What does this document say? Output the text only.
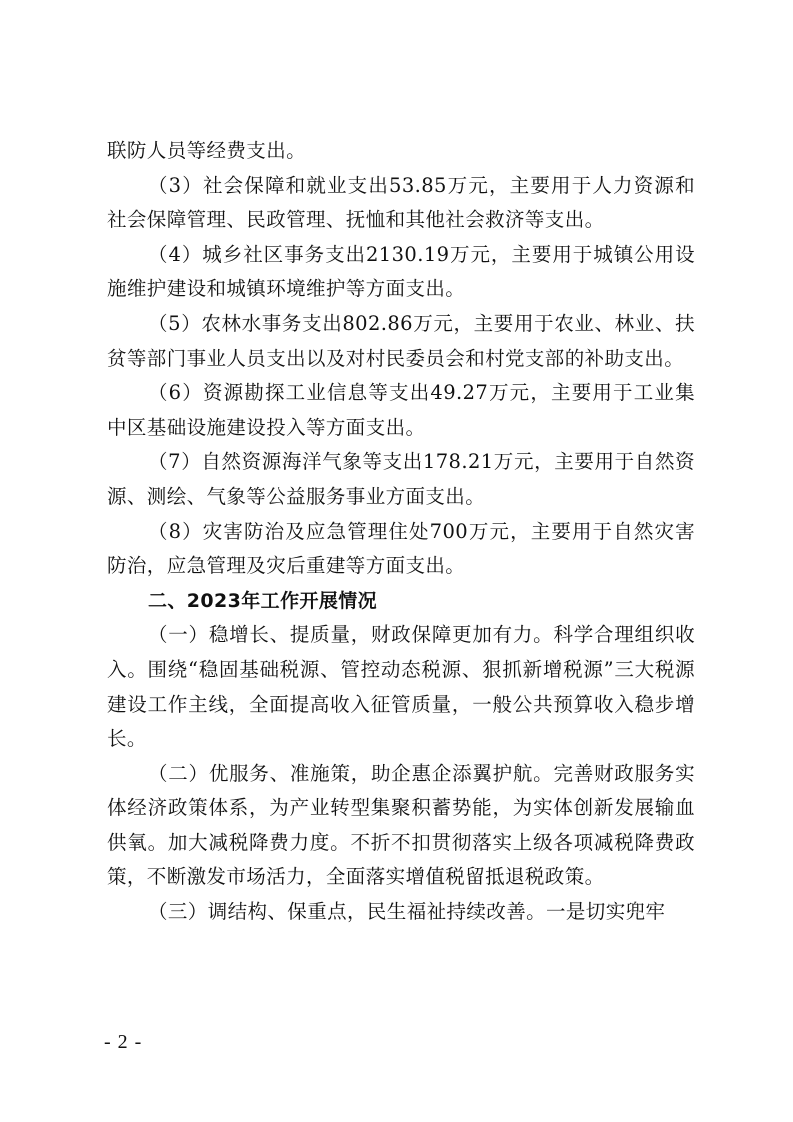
联防人员等经费支出。

（3）社会保障和就业支出53.85万元，主要用于人力资源和社会保障管理、民政管理、抚恤和其他社会救济等支出。

（4）城乡社区事务支出2130.19万元，主要用于城镇公用设施维护建设和城镇环境维护等方面支出。

（5）农林水事务支出802.86万元，主要用于农业、林业、扶贫等部门事业人员支出以及对村民委员会和村党支部的补助支出。

（6）资源勘探工业信息等支出49.27万元，主要用于工业集中区基础设施建设投入等方面支出。

（7）自然资源海洋气象等支出178.21万元，主要用于自然资源、测绘、气象等公益服务事业方面支出。

（8）灾害防治及应急管理住处700万元，主要用于自然灾害防治，应急管理及灾后重建等方面支出。

二、2023年工作开展情况

（一）稳增长、提质量，财政保障更加有力。科学合理组织收入。围绕“稳固基础税源、管控动态税源、狠抓新增税源”三大税源建设工作主线，全面提高收入征管质量，一般公共预算收入稳步增长。

（二）优服务、准施策，助企惠企添翼护航。完善财政服务实体经济政策体系，为产业转型集聚积蓄势能，为实体创新发展输血供氧。加大减税降费力度。不折不扣贯彻落实上级各项减税降费政策，不断激发市场活力，全面落实增值税留抵退税政策。

（三）调结构、保重点，民生福祉持续改善。一是切实兜牢

- 2 -
